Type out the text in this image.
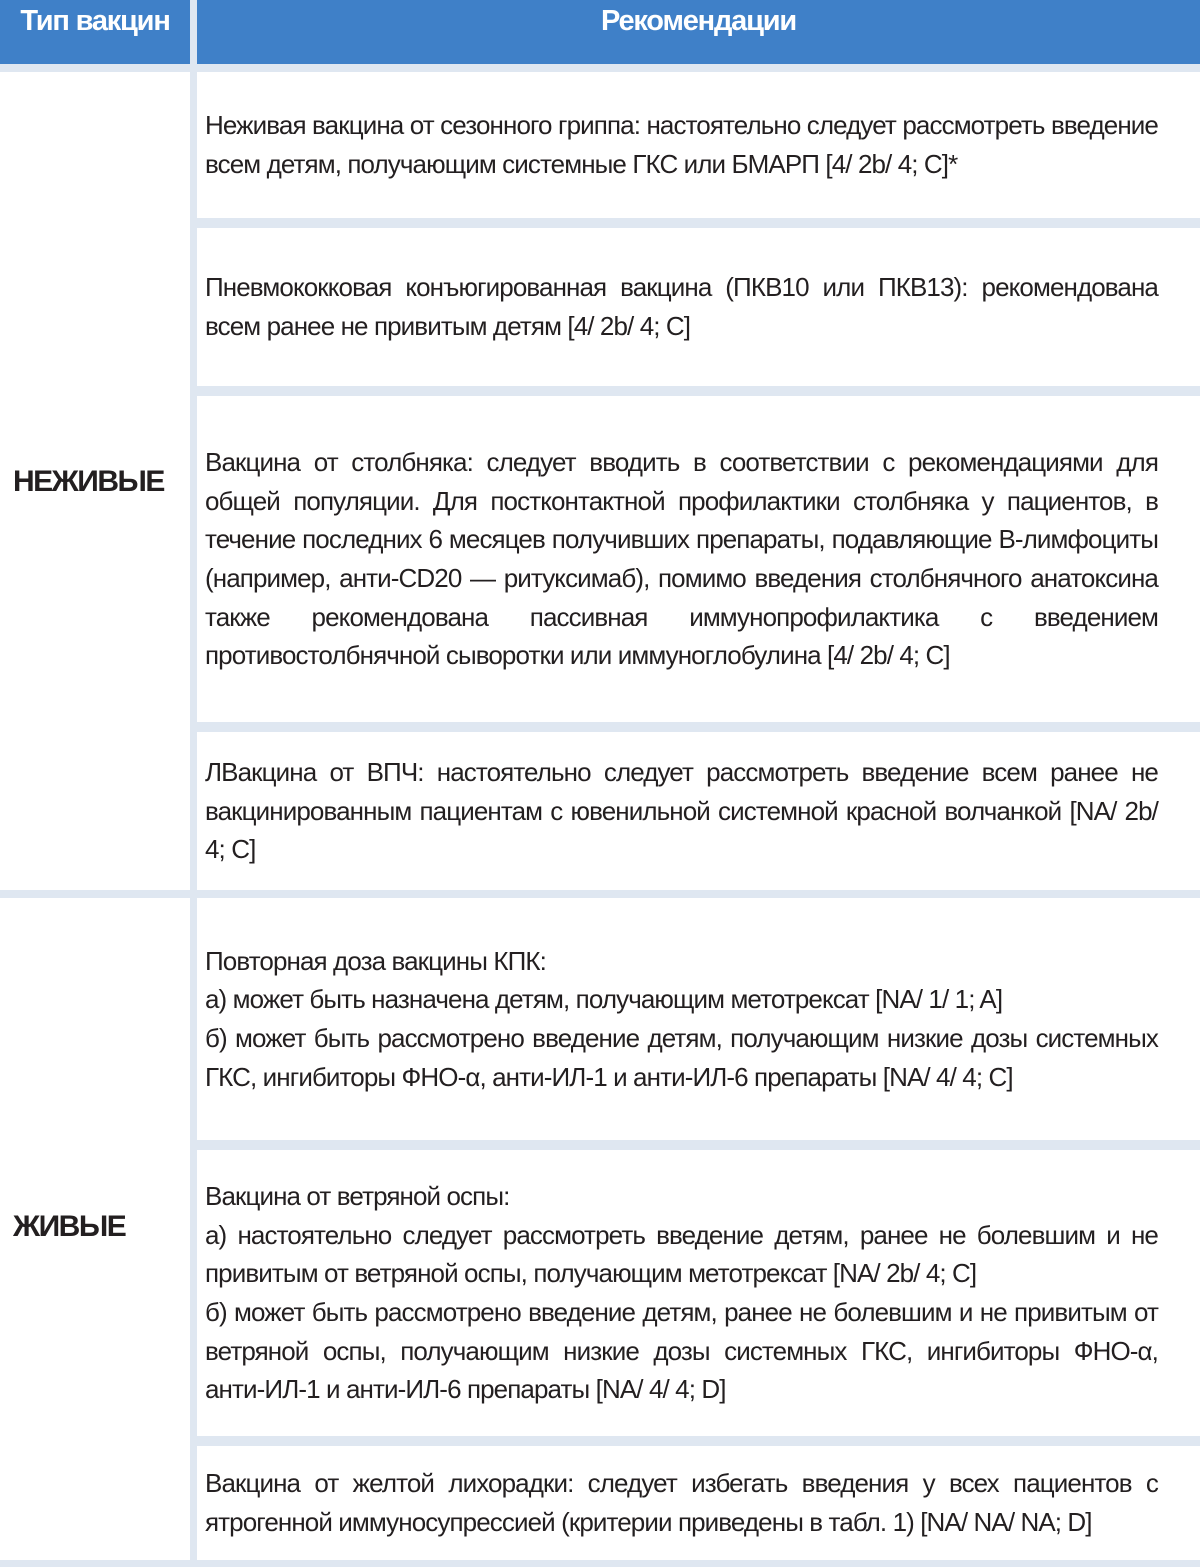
Тип вакцин	Рекомендации
НЕЖИВЫЕ
Неживая вакцина от сезонного гриппа: настоятельно следует рассмотреть введение всем детям, получающим системные ГКС или БМАРП [4/ 2b/ 4; C]*
Пневмококковая конъюгированная вакцина (ПКВ10 или ПКВ13): рекомендована всем ранее не привитым детям [4/ 2b/ 4; C]
Вакцина от столбняка: следует вводить в соответствии с рекомендациями для общей популяции. Для постконтактной профилактики столбняка у пациентов, в течение последних 6 месяцев получивших препараты, подавляющие В-лимфоциты (например, анти-CD20 — ритуксимаб), помимо введения столбнячного анатоксина также рекомендована пассивная иммунопрофилактика с введением противостолбнячной сыворотки или иммуноглобулина [4/ 2b/ 4; C]
ЛВакцина от ВПЧ: настоятельно следует рассмотреть введение всем ранее не вакцинированным пациентам с ювенильной системной красной волчанкой [NA/ 2b/ 4; C]
ЖИВЫЕ
Повторная доза вакцины КПК:
а) может быть назначена детям, получающим метотрексат [NA/ 1/ 1; A]
б) может быть рассмотрено введение детям, получающим низкие дозы системных ГКС, ингибиторы ФНО-α, анти-ИЛ-1 и анти-ИЛ-6 препараты [NA/ 4/ 4; C]
Вакцина от ветряной оспы:
а) настоятельно следует рассмотреть введение детям, ранее не болевшим и не привитым от ветряной оспы, получающим метотрексат [NA/ 2b/ 4; C]
б) может быть рассмотрено введение детям, ранее не болевшим и не привитым от ветряной оспы, получающим низкие дозы системных ГКС, ингибиторы ФНО-α, анти-ИЛ-1 и анти-ИЛ-6 препараты [NA/ 4/ 4; D]
Вакцина от желтой лихорадки: следует избегать введения у всех пациентов с ятрогенной иммуносупрессией (критерии приведены в табл. 1) [NA/ NA/ NA; D]
